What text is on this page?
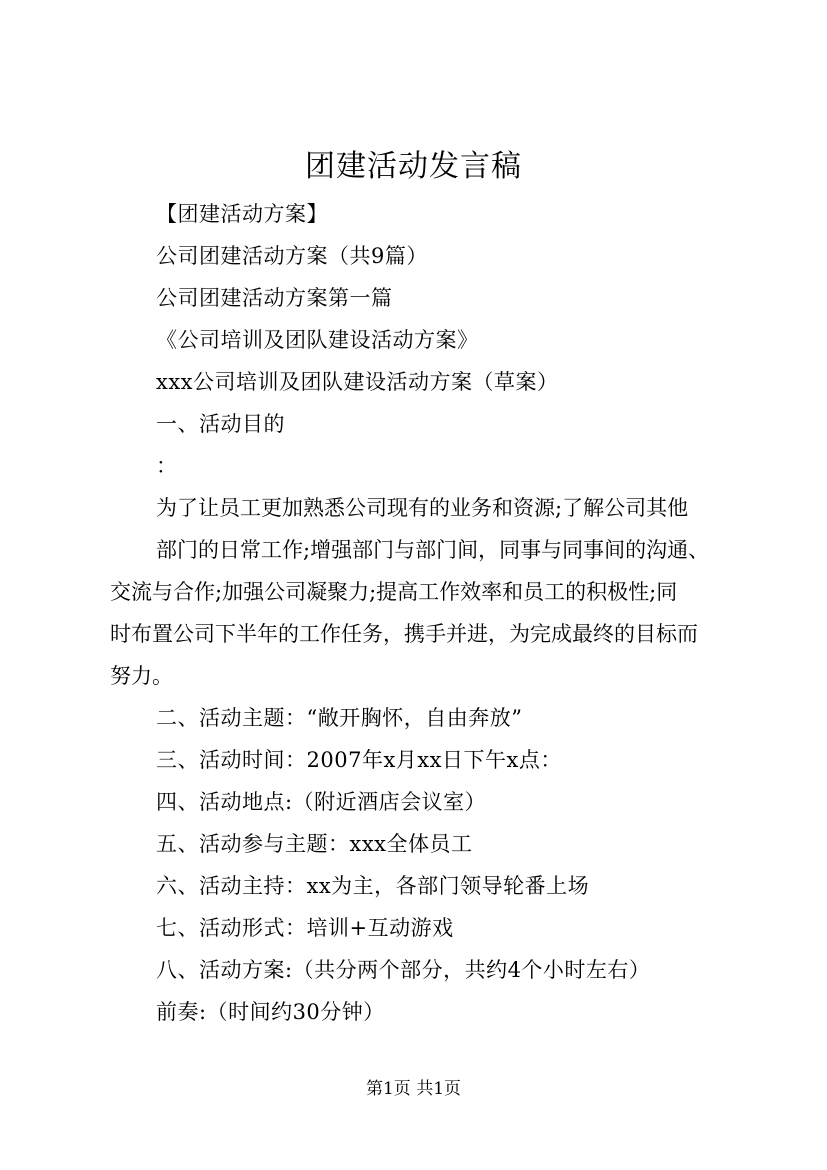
团建活动发言稿
【团建活动方案】
公司团建活动方案（共9篇）
公司团建活动方案第一篇
《公司培训及团队建设活动方案》
xxx公司培训及团队建设活动方案（草案）
一、活动目的
：
为了让员工更加熟悉公司现有的业务和资源;了解公司其他
部门的日常工作;增强部门与部门间，同事与同事间的沟通、
交流与合作;加强公司凝聚力;提高工作效率和员工的积极性;同
时布置公司下半年的工作任务，携手并进，为完成最终的目标而
努力。
二、活动主题：“敞开胸怀，自由奔放”
三、活动时间：2007年x月xx日下午x点：
四、活动地点:（附近酒店会议室）
五、活动参与主题：xxx全体员工
六、活动主持：xx为主，各部门领导轮番上场
七、活动形式：培训+互动游戏
八、活动方案:（共分两个部分，共约4个小时左右）
前奏:（时间约30分钟）
第1页 共1页
